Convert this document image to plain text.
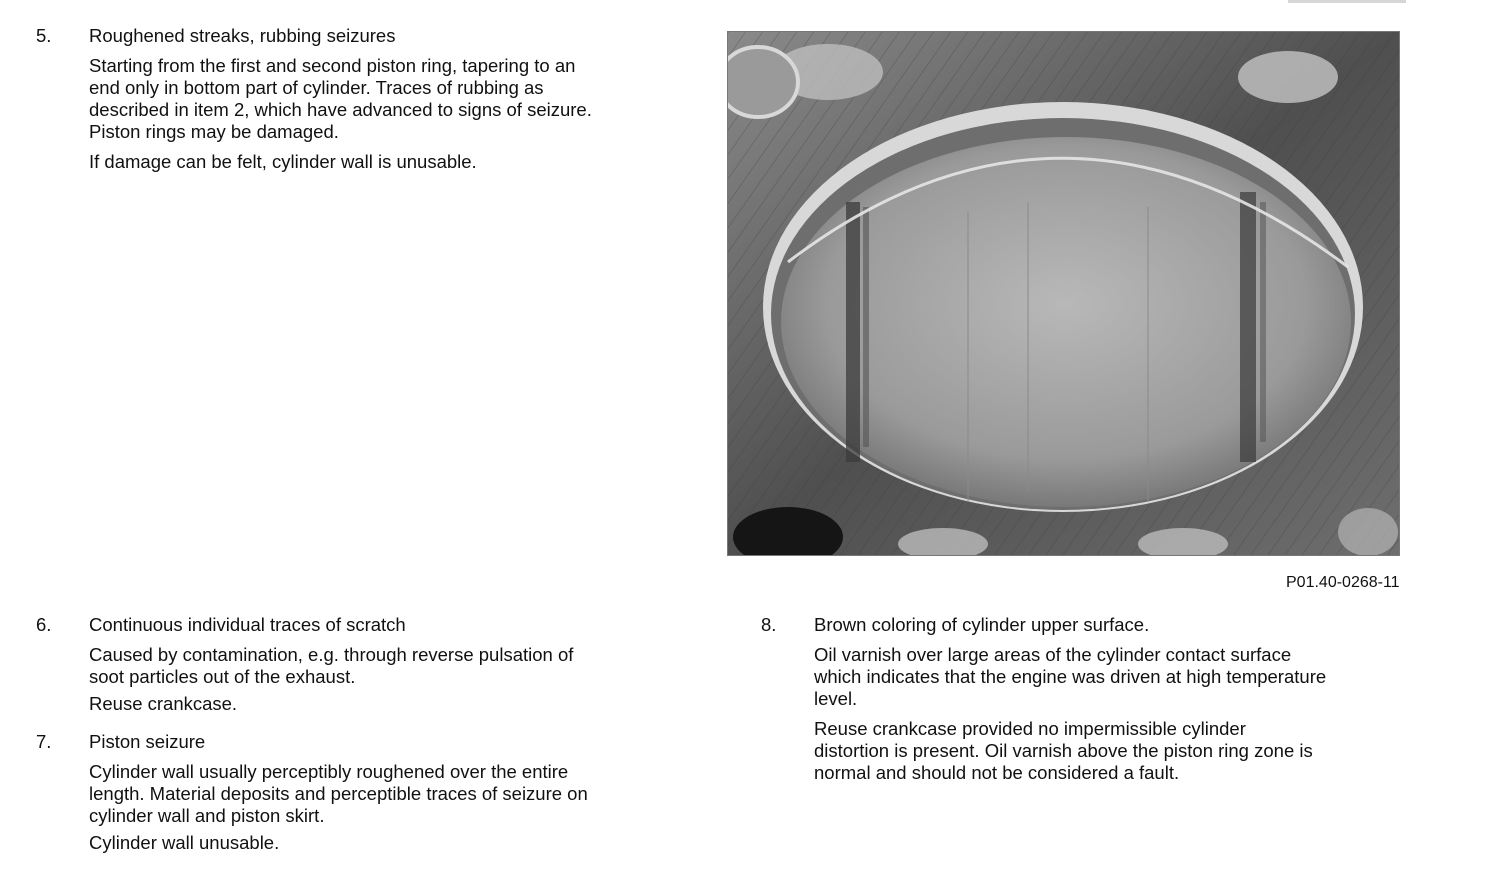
5. Roughened streaks, rubbing seizures
Starting from the first and second piston ring, tapering to an
end only in bottom part of cylinder. Traces of rubbing as
described in item 2, which have advanced to signs of seizure.
Piston rings may be damaged.
If damage can be felt, cylinder wall is unusable.
P01.40-0268-11
6. Continuous individual traces of scratch
Caused by contamination, e.g. through reverse pulsation of
soot particles out of the exhaust.
Reuse crankcase.
7. Piston seizure
Cylinder wall usually perceptibly roughened over the entire
length. Material deposits and perceptible traces of seizure on
cylinder wall and piston skirt.
Cylinder wall unusable.
8. Brown coloring of cylinder upper surface.
Oil varnish over large areas of the cylinder contact surface
which indicates that the engine was driven at high temperature
level.
Reuse crankcase provided no impermissible cylinder
distortion is present. Oil varnish above the piston ring zone is
normal and should not be considered a fault.
